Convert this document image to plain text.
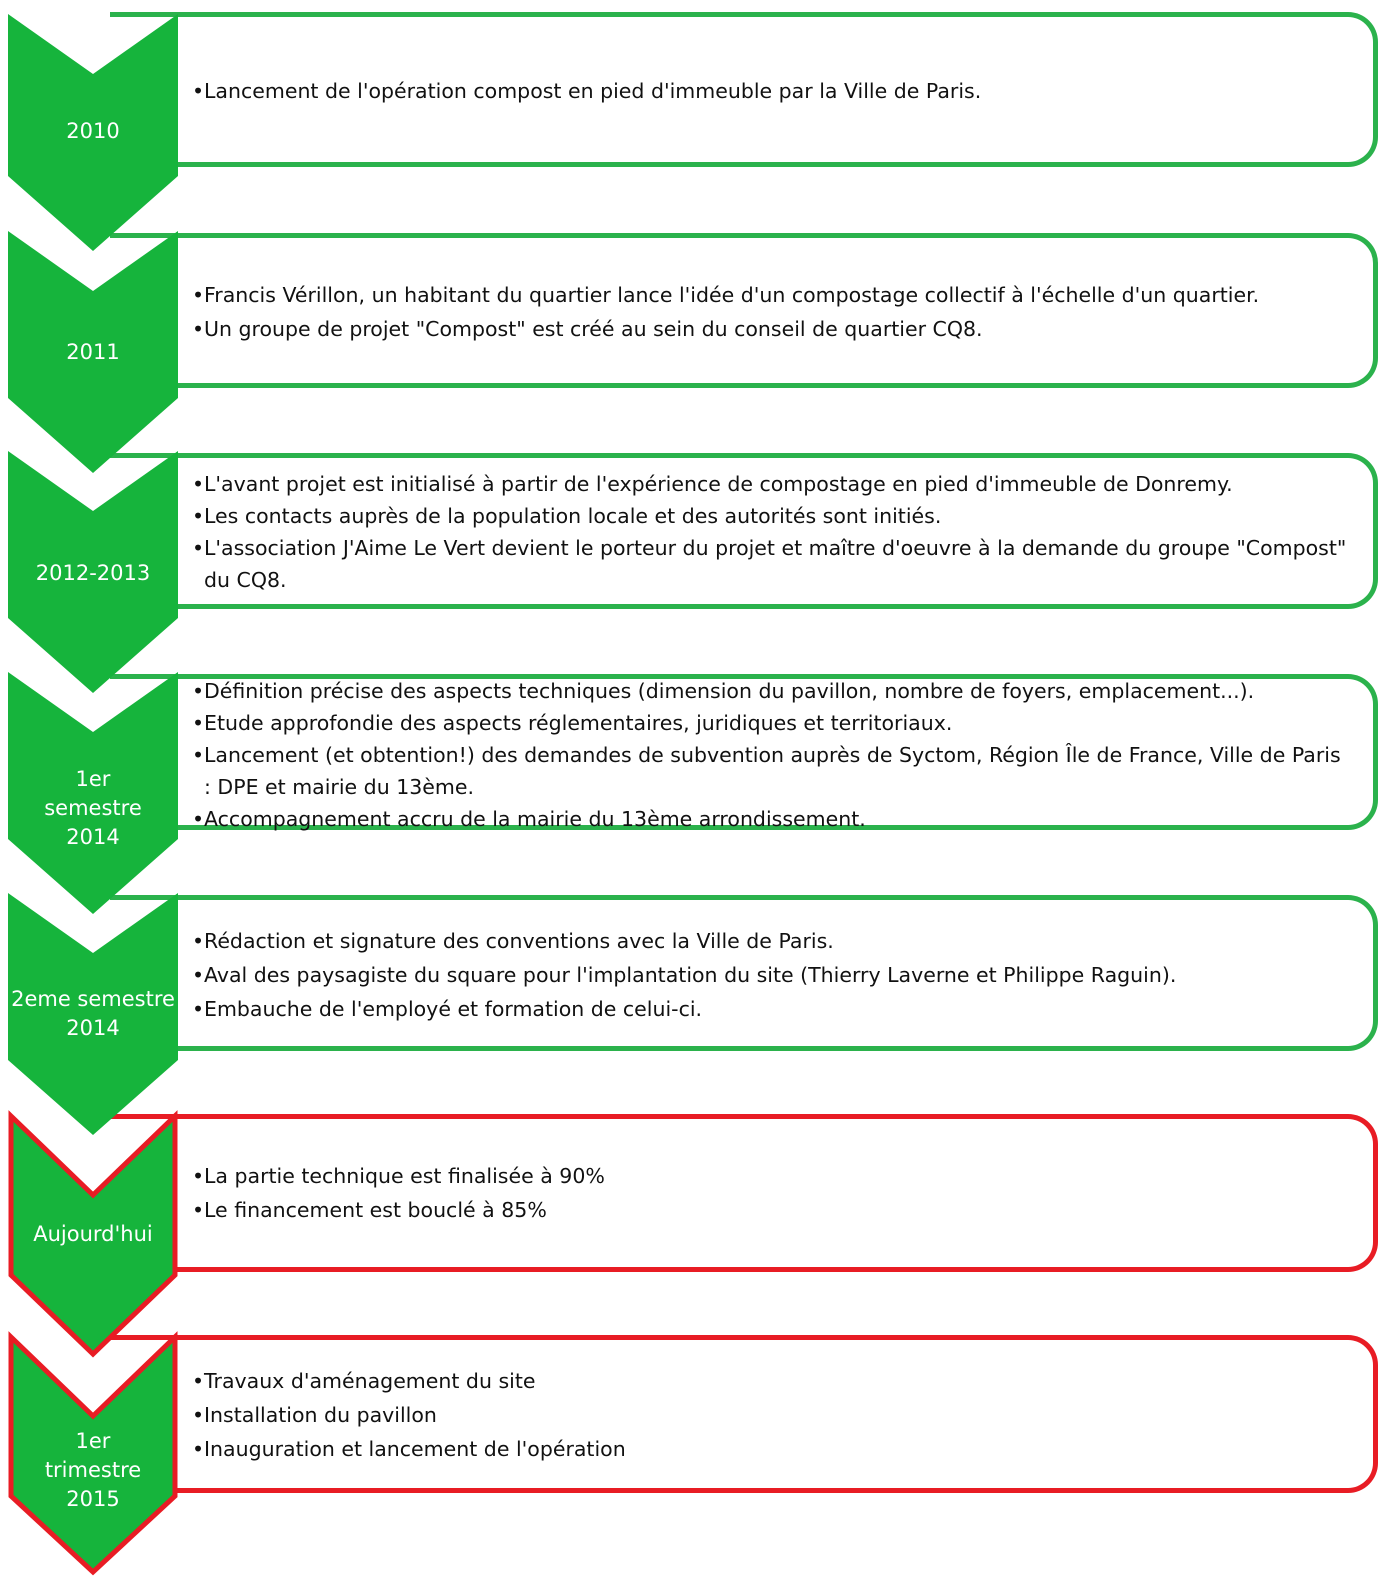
• Lancement de l'opération compost en pied d'immeuble par la Ville de Paris.
• Francis Vérillon, un habitant du quartier lance l'idée d'un compostage collectif à l'échelle d'un quartier.
• Un groupe de projet "Compost" est créé au sein du conseil de quartier CQ8.
• L'avant projet est initialisé à partir de l'expérience de compostage en pied d'immeuble de Donremy.
• Les contacts auprès de la population locale et des autorités sont initiés.
• L'association J'Aime Le Vert devient le porteur du projet et maître d'oeuvre à la demande du groupe "Compost" du CQ8.
• Définition précise des aspects techniques (dimension du pavillon, nombre de foyers, emplacement...).
• Etude approfondie des aspects réglementaires, juridiques et territoriaux.
• Lancement (et obtention!) des demandes de subvention auprès de Syctom, Région Île de France, Ville de Paris : DPE et mairie du 13ème.
• Accompagnement accru de la mairie du 13ème arrondissement.
• Rédaction et signature des conventions avec la Ville de Paris.
• Aval des paysagiste du square pour l'implantation du site (Thierry Laverne et Philippe Raguin).
• Embauche de l'employé et formation de celui-ci.
• La partie technique est finalisée à 90%
• Le financement est bouclé à 85%
• Travaux d'aménagement du site
• Installation du pavillon
• Inauguration et lancement de l'opération
2010
2011
2012-2013
1er semestre 2014
2eme semestre 2014
Aujourd'hui
1er trimestre 2015
